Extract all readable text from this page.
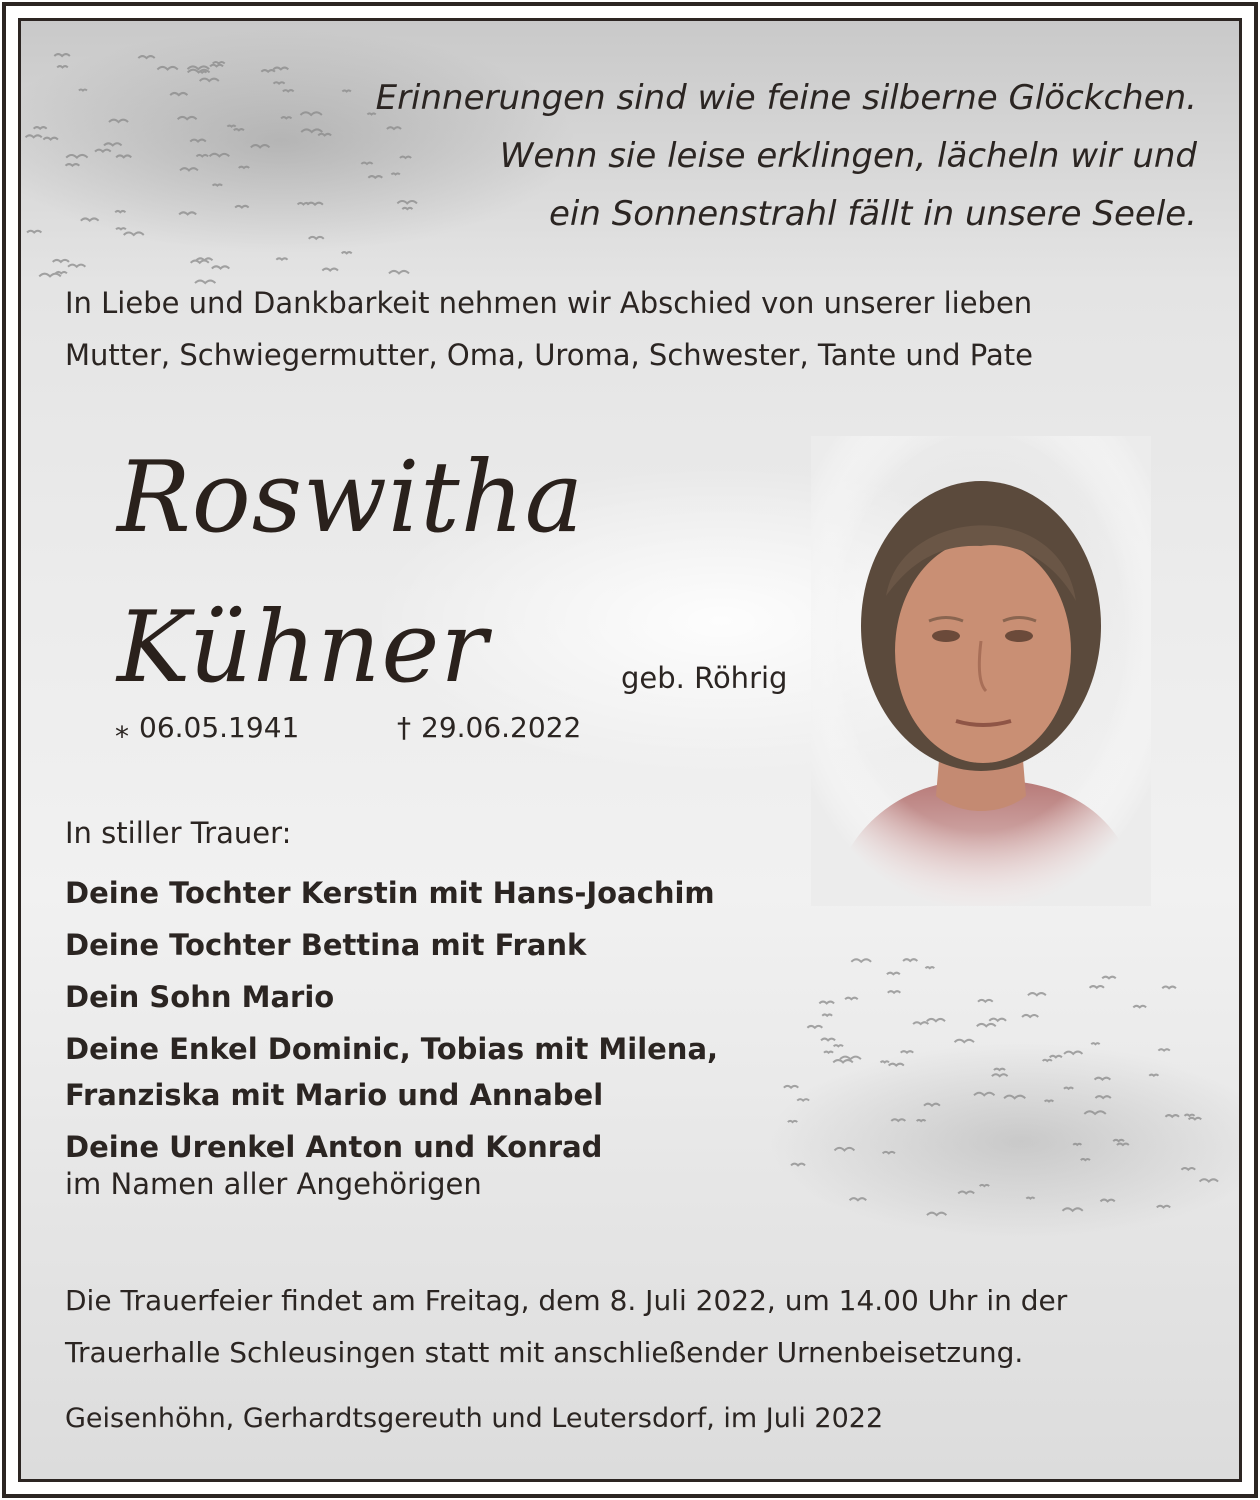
Erinnerungen sind wie feine silberne Glöckchen.
Wenn sie leise erklingen, lächeln wir und
ein Sonnenstrahl fällt in unsere Seele.
In Liebe und Dankbarkeit nehmen wir Abschied von unserer lieben
Mutter, Schwiegermutter, Oma, Uroma, Schwester, Tante und Pate
Roswitha
Kühner	geb. Röhrig
⁎ 06.05.1941	† 29.06.2022
In stiller Trauer:
Deine Tochter Kerstin mit Hans-Joachim
Deine Tochter Bettina mit Frank
Dein Sohn Mario
Deine Enkel Dominic, Tobias mit Milena,
Franziska mit Mario und Annabel
Deine Urenkel Anton und Konrad
im Namen aller Angehörigen
Die Trauerfeier findet am Freitag, dem 8. Juli 2022, um 14.00 Uhr in der
Trauerhalle Schleusingen statt mit anschließender Urnenbeisetzung.
Geisenhöhn, Gerhardtsgereuth und Leutersdorf, im Juli 2022
